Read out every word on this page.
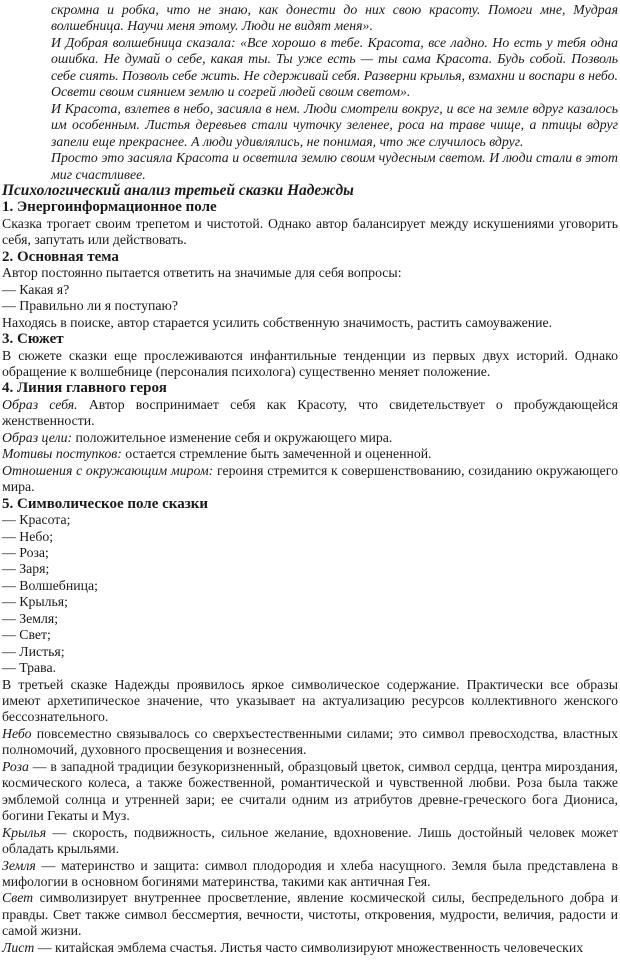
скромна и робка, что не знаю, как донести до них свою красоту. Помоги мне, Мудрая волшебница. Научи меня этому. Люди не видят меня».

И Добрая волшебница сказала: «Все хорошо в тебе. Красота, все ладно. Но есть у тебя одна ошибка. Не думай о себе, какая ты. Ты уже есть — ты сама Красота. Будь собой. Позволь себе сиять. Позволь себе жить. Не сдерживай себя. Разверни крылья, взмахни и воспари в небо. Освети своим сиянием землю и согрей людей своим светом».

И Красота, взлетев в небо, засияла в нем. Люди смотрели вокруг, и все на земле вдруг казалось им особенным. Листья деревьев стали чуточку зеленее, роса на траве чище, а птицы вдруг запели еще прекраснее. А люди удивлялись, не понимая, что же случилось вдруг.

Просто это засияла Красота и осветила землю своим чудесным светом. И люди стали в этот миг счастливее.

Психологический анализ третьей сказки Надежды
1. Энергоинформационное поле

Сказка трогает своим трепетом и чистотой. Однако автор балансирует между искушениями уговорить себя, запутать или действовать.

2. Основная тема

Автор постоянно пытается ответить на значимые для себя вопросы:

— Какая я?

— Правильно ли я поступаю?

Находясь в поиске, автор старается усилить собственную значимость, растить самоуважение.

3. Сюжет

В сюжете сказки еще прослеживаются инфантильные тенденции из первых двух историй. Однако обращение к волшебнице (персоналия психолога) существенно меняет положение.

4. Линия главного героя

Образ себя. Автор воспринимает себя как Красоту, что свидетельствует о пробуждающейся женственности.

Образ цели: положительное изменение себя и окружающего мира.

Мотивы поступков: остается стремление быть замеченной и оцененной.

Отношения с окружающим миром: героиня стремится к совершенствованию, созиданию окружающего мира.

5. Символическое поле сказки

— Красота;

— Небо;

— Роза;

— Заря;

— Волшебница;

— Крылья;

— Земля;

— Свет;

— Листья;

— Трава.

В третьей сказке Надежды проявилось яркое символическое содержание. Практически все образы имеют архетипическое значение, что указывает на актуализацию ресурсов коллективного женского бессознательного.

Небо повсеместно связывалось со сверхъестественными силами; это символ превосходства, властных полномочий, духовного просвещения и вознесения.

Роза — в западной традиции безукоризненный, образцовый цветок, символ сердца, центра мироздания, космического колеса, а также божественной, романтической и чувственной любви. Роза была также эмблемой солнца и утренней зари; ее считали одним из атрибутов древне-греческого бога Диониса, богини Гекаты и Муз.

Крылья — скорость, подвижность, сильное желание, вдохновение. Лишь достойный человек может обладать крыльями.

Земля — материнство и защита: символ плодородия и хлеба насущного. Земля была представлена в мифологии в основном богинями материнства, такими как античная Гея.

Свет символизирует внутреннее просветление, явление космической силы, беспредельного добра и правды. Свет также символ бессмертия, вечности, чистоты, откровения, мудрости, величия, радости и самой жизни.

Лист — китайская эмблема счастья. Листья часто символизируют множественность человеческих
